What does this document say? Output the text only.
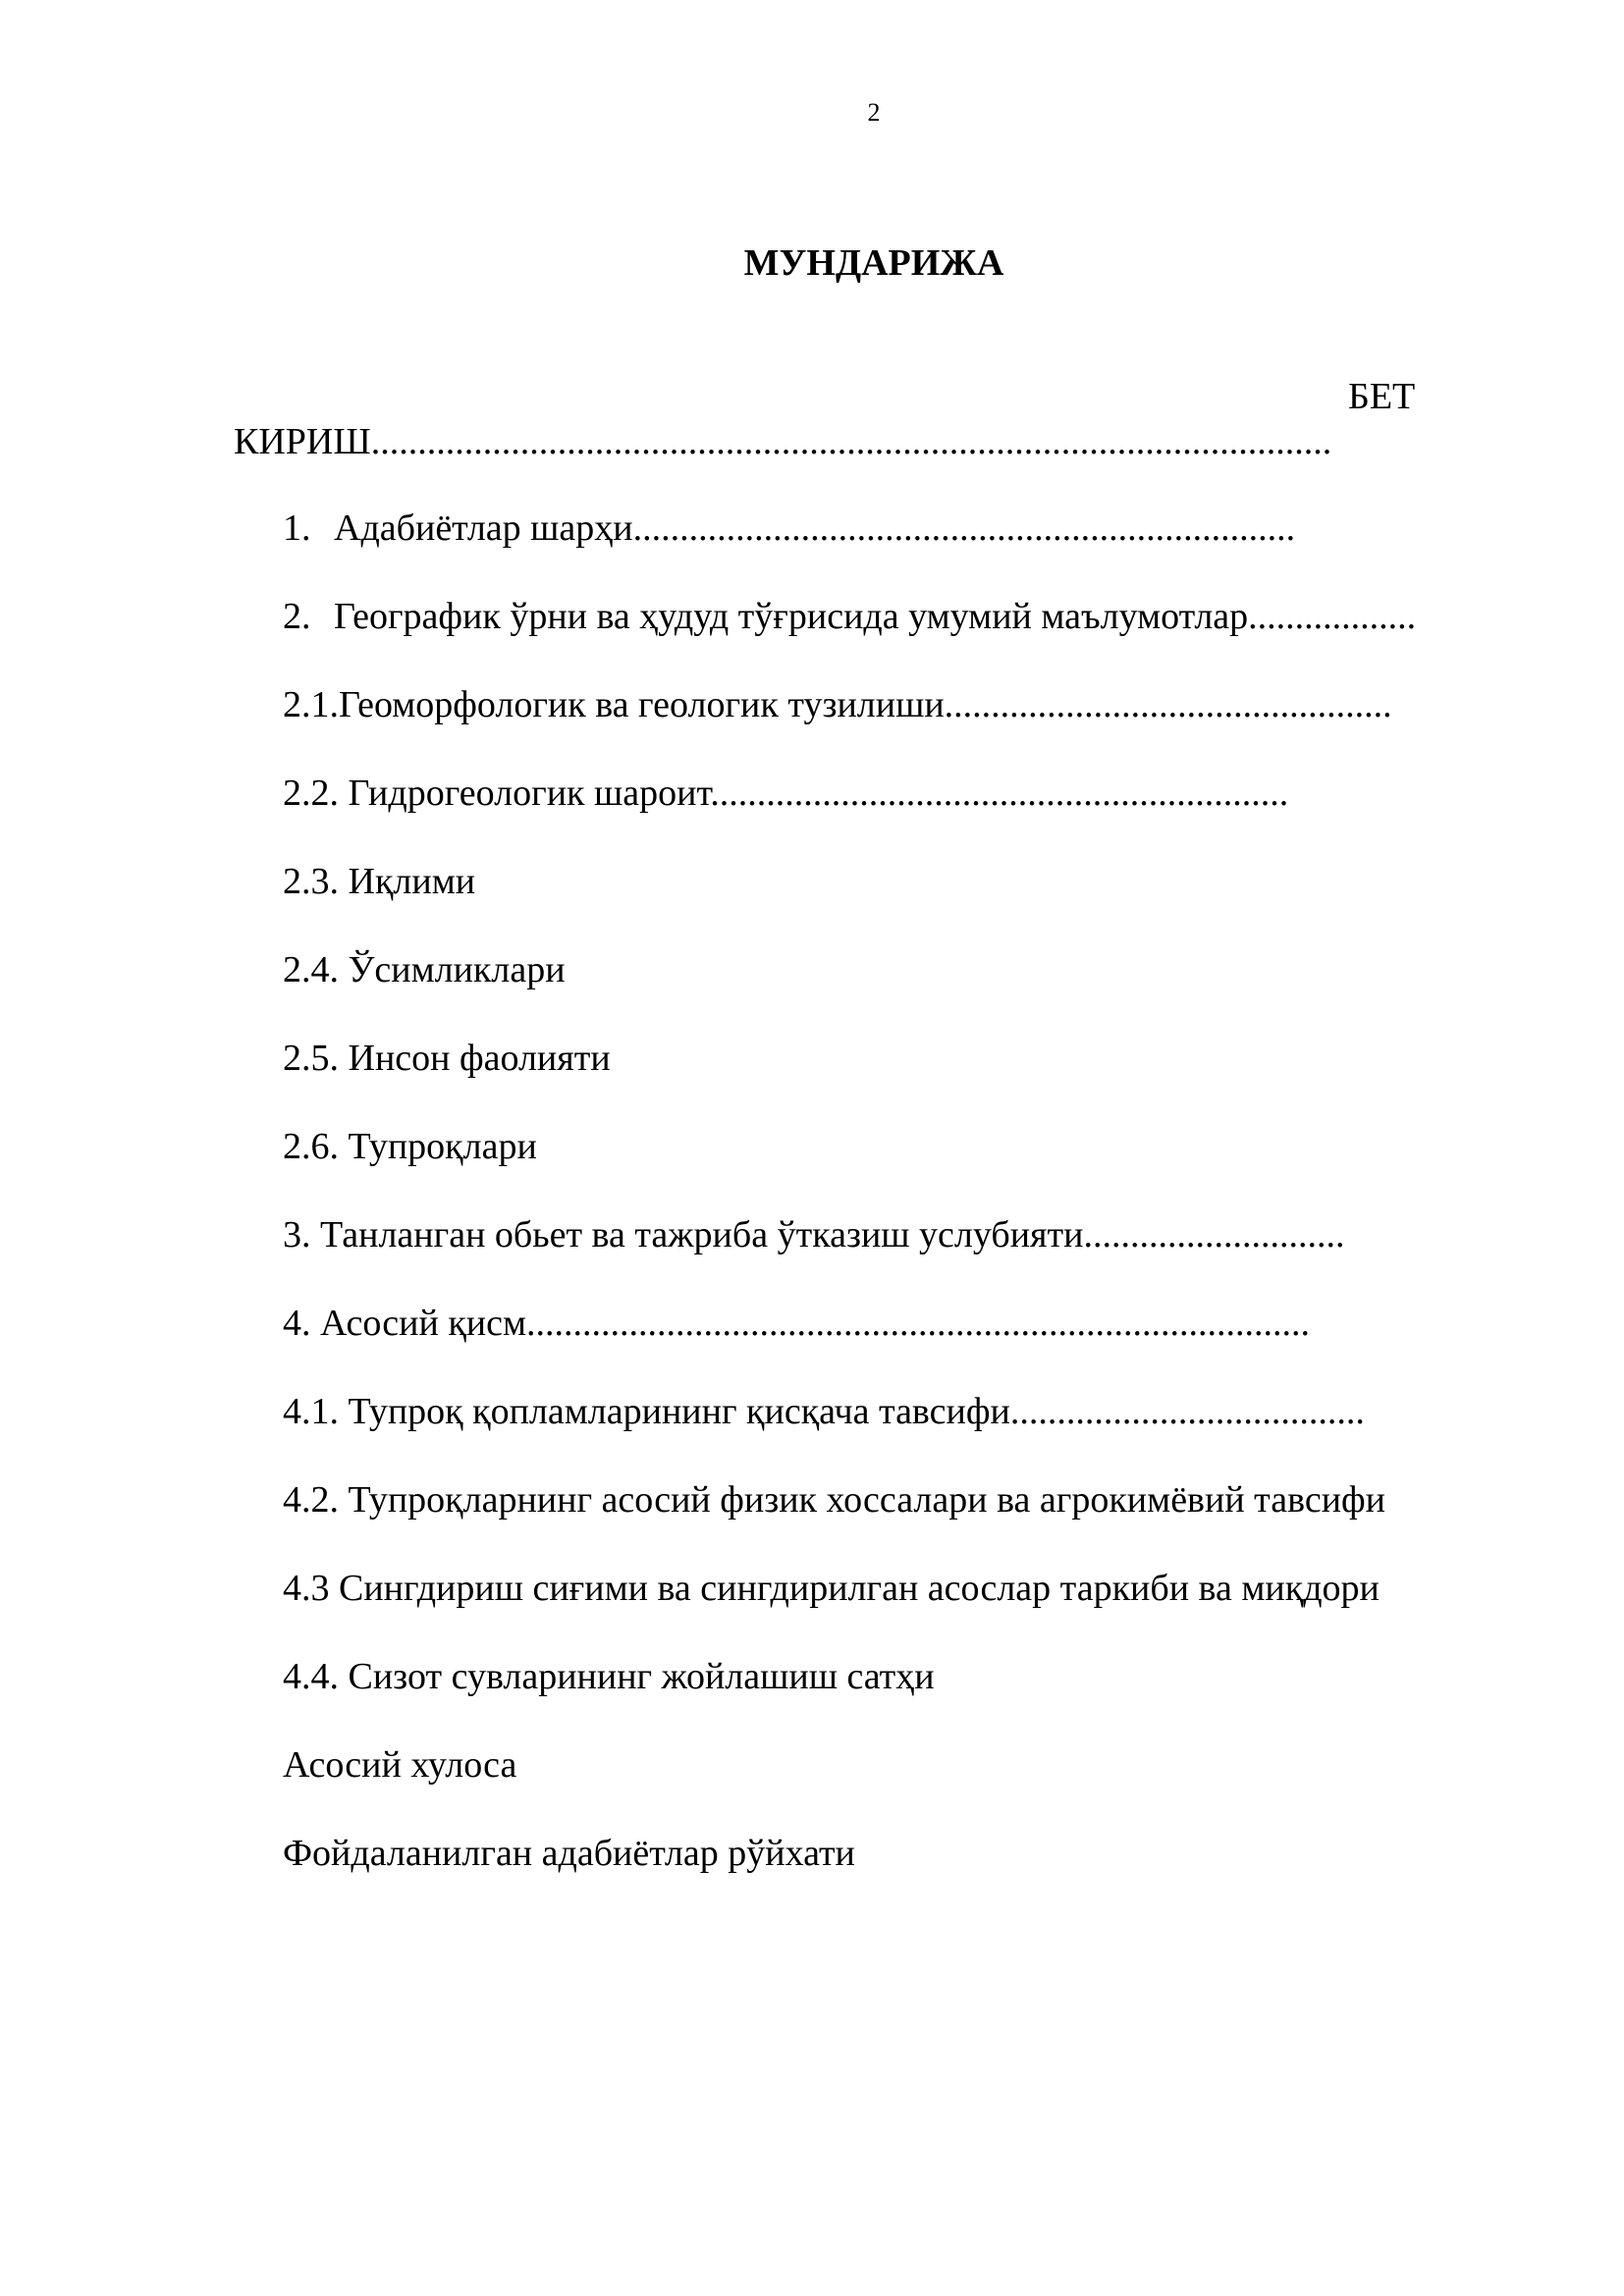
2
МУНДАРИЖА
БЕТ
КИРИШ.......................................................................................................
1. Адабиётлар шарҳи.......................................................................
2. Географик ўрни ва ҳудуд тўғрисида умумий маълумотлар..................
2.1.Геоморфологик ва геологик тузилиши................................................
2.2. Гидрогеологик шароит..............................................................
2.3. Иқлими
2.4. Ўсимликлари
2.5. Инсон фаолияти
2.6. Тупроқлари
3. Танланган обьет ва тажриба ўтказиш услубияти............................
4. Асосий қисм....................................................................................
4.1. Тупроқ қопламларининг қисқача тавсифи......................................
4.2. Тупроқларнинг асосий физик хоссалари ва агрокимёвий тавсифи
4.3 Сингдириш сиғими ва сингдирилган асослар таркиби ва миқдори
4.4. Сизот сувларининг жойлашиш сатҳи
Асосий хулоса
Фойдаланилган адабиётлар рўйхати
